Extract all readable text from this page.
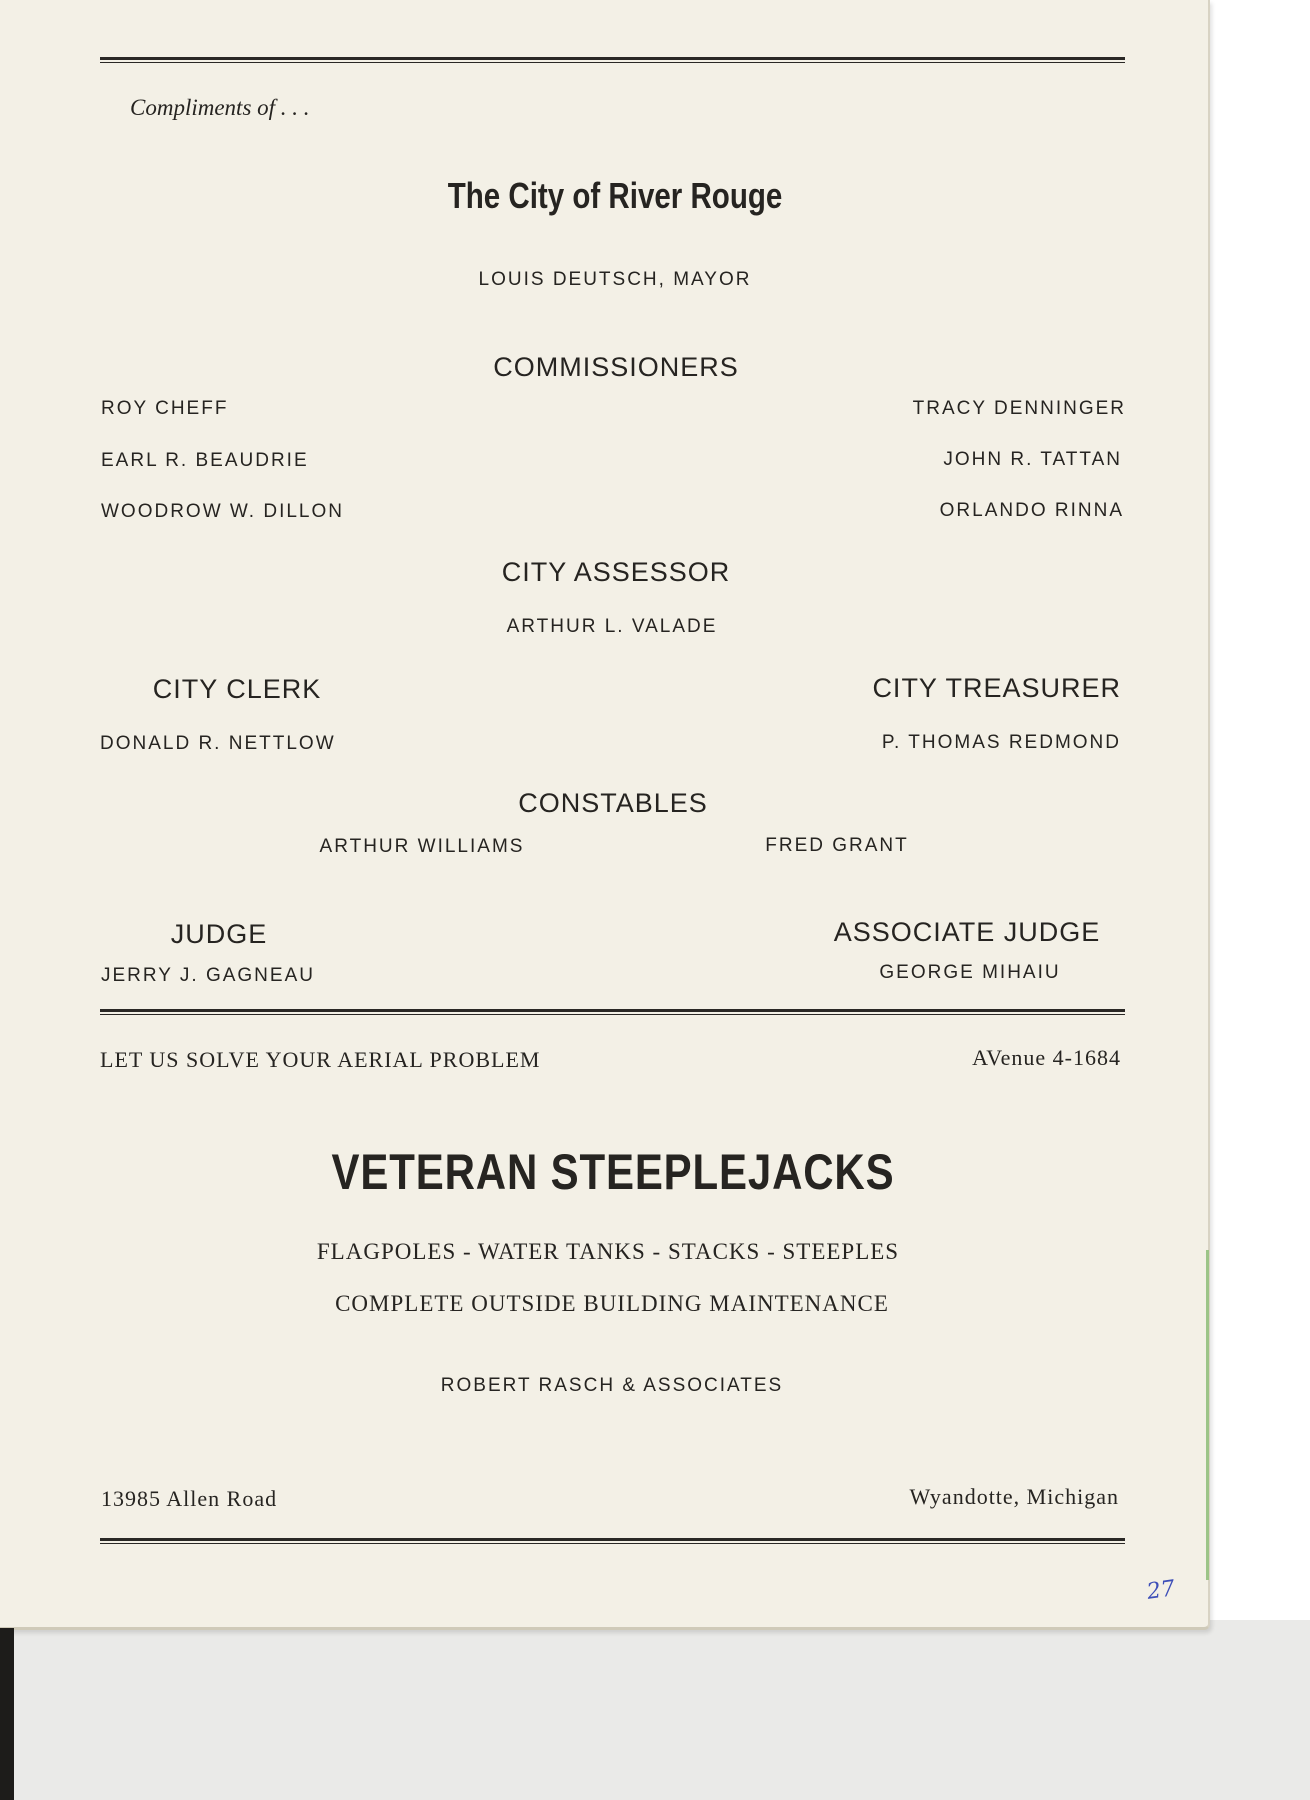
Compliments of . . .
The City of River Rouge
LOUIS DEUTSCH, MAYOR
COMMISSIONERS
ROY CHEFF
EARL R. BEAUDRIE
WOODROW W. DILLON
TRACY DENNINGER
JOHN R. TATTAN
ORLANDO RINNA
CITY ASSESSOR
ARTHUR L. VALADE
CITY CLERK
DONALD R. NETTLOW
CITY TREASURER
P. THOMAS REDMOND
CONSTABLES
ARTHUR WILLIAMS	FRED GRANT
JUDGE
JERRY J. GAGNEAU
ASSOCIATE JUDGE
GEORGE MIHAIU
LET US SOLVE YOUR AERIAL PROBLEM	AVenue 4-1684
VETERAN STEEPLEJACKS
FLAGPOLES - WATER TANKS - STACKS - STEEPLES
COMPLETE OUTSIDE BUILDING MAINTENANCE
ROBERT RASCH & ASSOCIATES
13985 Allen Road	Wyandotte, Michigan
27
